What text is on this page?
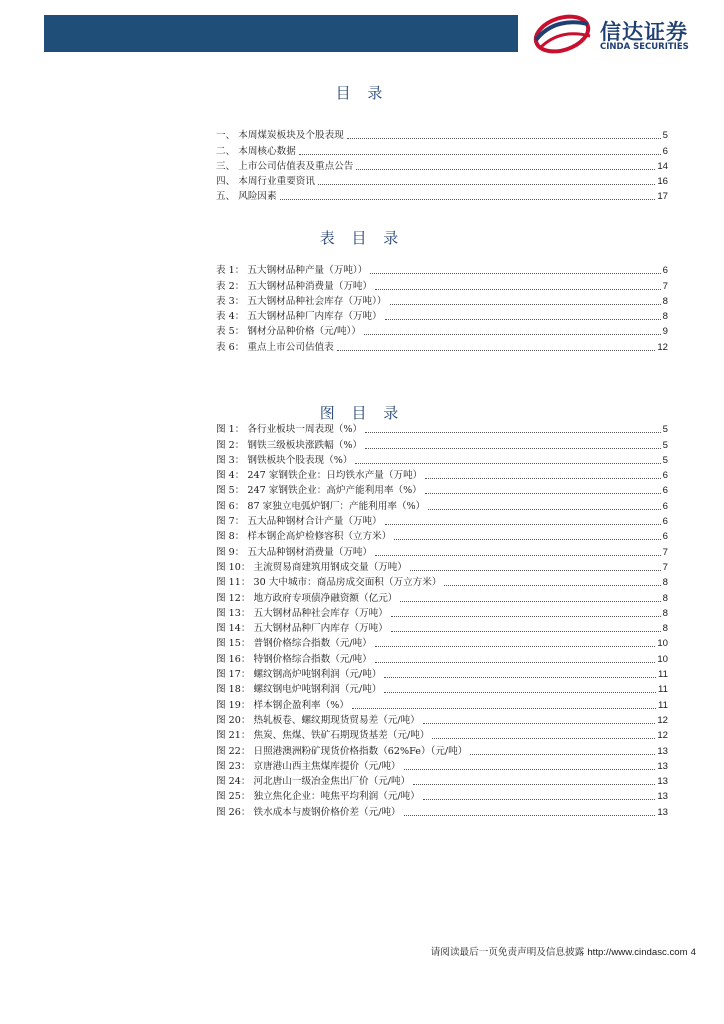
信达证券
CINDA SECURITIES
目 录
一、 本周煤炭板块及个股表现	5
二、 本周核心数据	6
三、 上市公司估值表及重点公告	14
四、 本周行业重要资讯	16
五、 风险因素	17
表 目 录
表 1： 五大钢材品种产量（万吨））	6
表 2： 五大钢材品种消费量（万吨）	7
表 3： 五大钢材品种社会库存（万吨））	8
表 4： 五大钢材品种厂内库存（万吨）	8
表 5： 钢材分品种价格（元/吨））	9
表 6： 重点上市公司估值表	12
图 目 录
图 1： 各行业板块一周表现（%）	5
图 2： 钢铁三级板块涨跌幅（%）	5
图 3： 钢铁板块个股表现（%）	5
图 4： 247 家钢铁企业：日均铁水产量（万吨）	6
图 5： 247 家钢铁企业：高炉产能利用率（%）	6
图 6： 87 家独立电弧炉钢厂：产能利用率（%）	6
图 7： 五大品种钢材合计产量（万吨）	6
图 8： 样本钢企高炉检修容积（立方米）	6
图 9： 五大品种钢材消费量（万吨）	7
图 10： 主流贸易商建筑用钢成交量（万吨）	7
图 11： 30 大中城市：商品房成交面积（万立方米）	8
图 12： 地方政府专项债净融资额（亿元）	8
图 13： 五大钢材品种社会库存（万吨）	8
图 14： 五大钢材品种厂内库存（万吨）	8
图 15： 普钢价格综合指数（元/吨）	10
图 16： 特钢价格综合指数（元/吨）	10
图 17： 螺纹钢高炉吨钢利润（元/吨）	11
图 18： 螺纹钢电炉吨钢利润（元/吨）	11
图 19： 样本钢企盈利率（%）	11
图 20： 热轧板卷、螺纹期现货贸易差（元/吨）	12
图 21： 焦炭、焦煤、铁矿石期现货基差（元/吨）	12
图 22： 日照港澳洲粉矿现货价格指数（62%Fe）（元/吨）	13
图 23： 京唐港山西主焦煤库提价（元/吨）	13
图 24： 河北唐山一级冶金焦出厂价（元/吨）	13
图 25： 独立焦化企业：吨焦平均利润（元/吨）	13
图 26： 铁水成本与废钢价格价差（元/吨）	13
请阅读最后一页免责声明及信息披露 http://www.cindasc.com 4
